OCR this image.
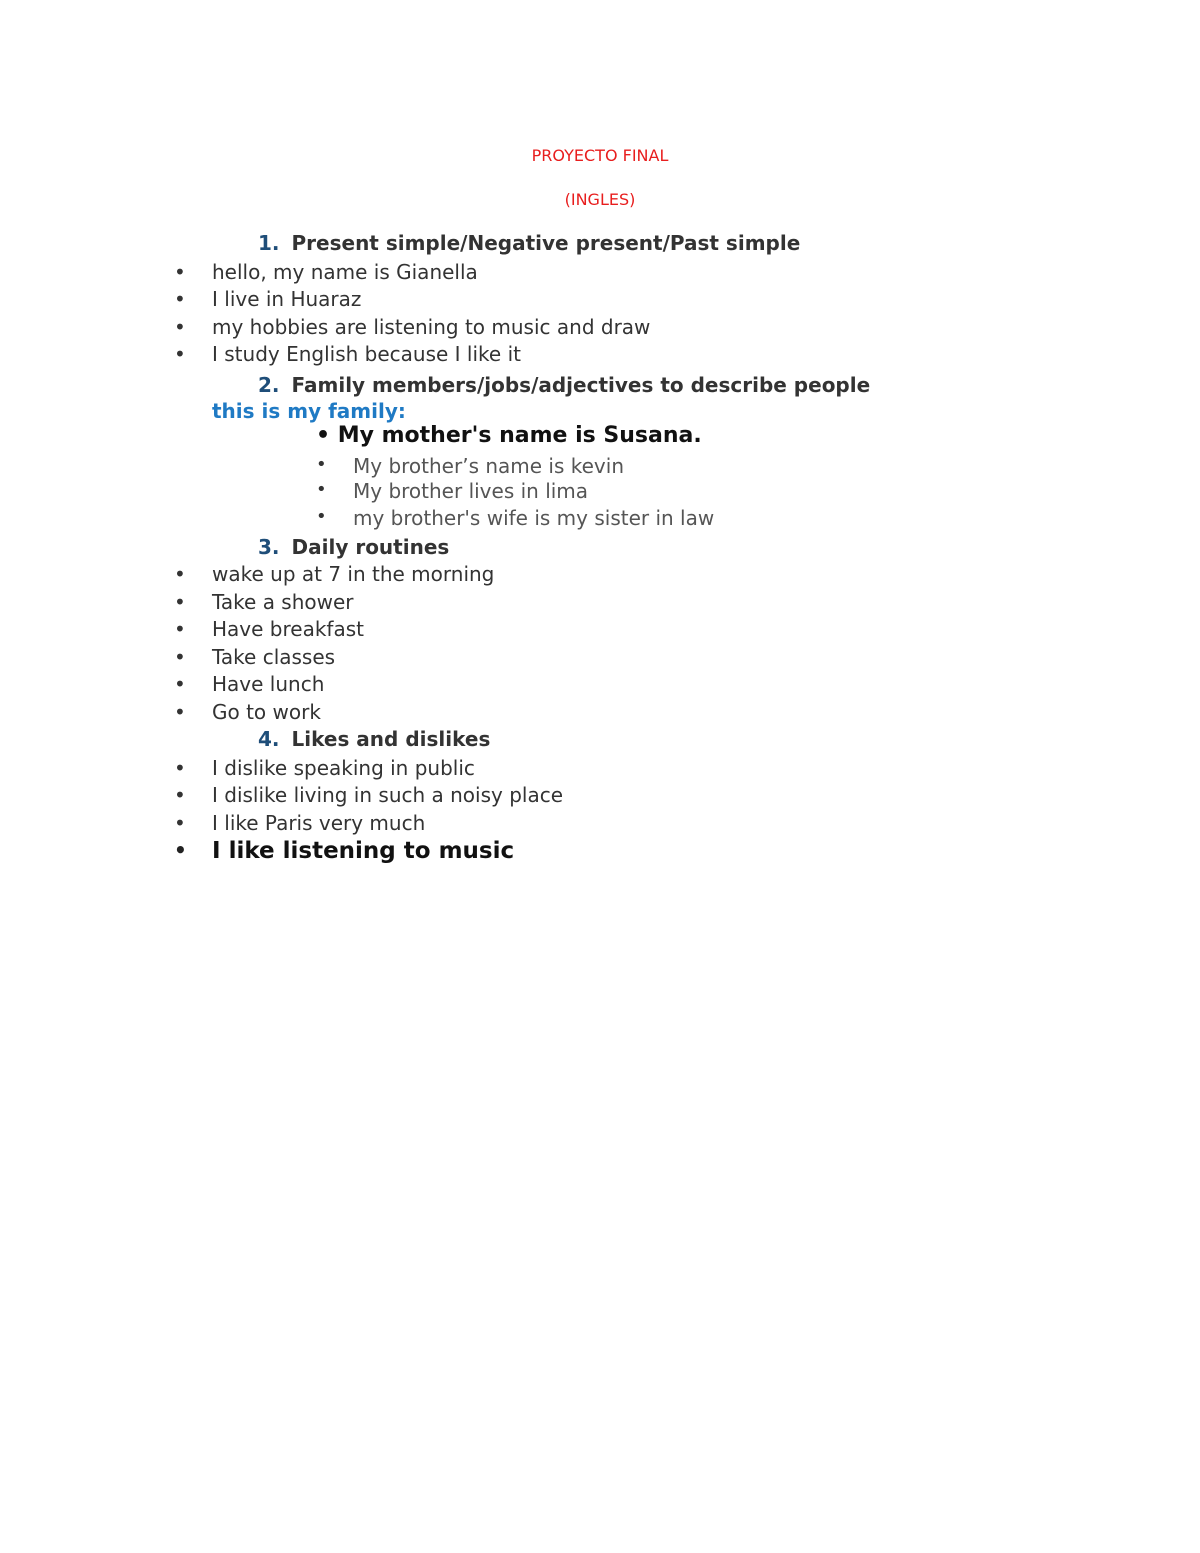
PROYECTO FINAL
(INGLES)
1. Present simple/Negative present/Past simple
• hello, my name is Gianella
• I live in Huaraz
• my hobbies are listening to music and draw
• I study English because I like it
2. Family members/jobs/adjectives to describe people
this is my family:
• My mother's name is Susana.
• My brother’s name is kevin
• My brother lives in lima
• my brother's wife is my sister in law
3. Daily routines
• wake up at 7 in the morning
• Take a shower
• Have breakfast
• Take classes
• Have lunch
• Go to work
4. Likes and dislikes
• I dislike speaking in public
• I dislike living in such a noisy place
• I like Paris very much
• I like listening to music
